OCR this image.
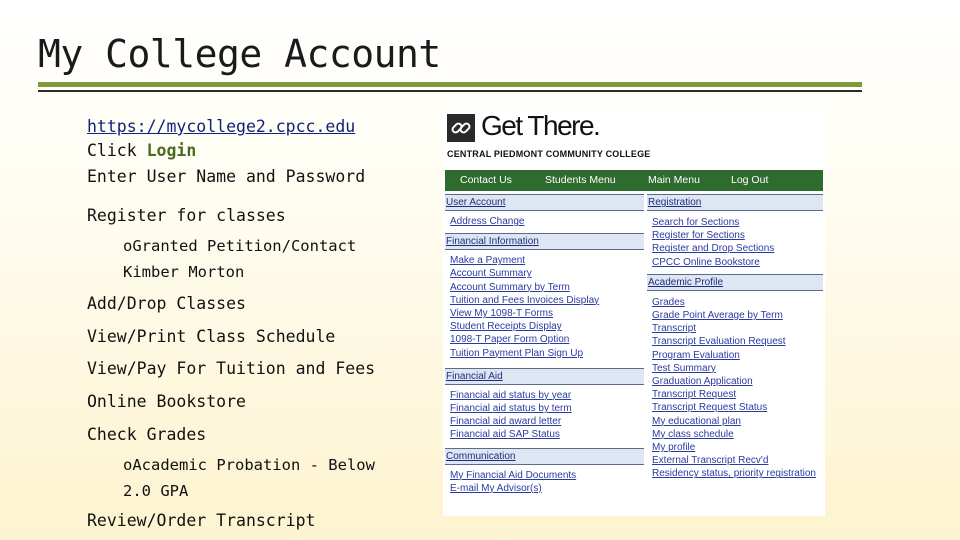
My College Account
https://mycollege2.cpcc.edu
Click Login
Enter User Name and Password
Register for classes
oGranted Petition/Contact
Kimber Morton
Add/Drop Classes
View/Print Class Schedule
View/Pay For Tuition and Fees
Online Bookstore
Check Grades
oAcademic Probation - Below
2.0 GPA
Review/Order Transcript
Get There.
CENTRAL PIEDMONT COMMUNITY COLLEGE
Contact Us	Students Menu	Main Menu	Log Out
User Account
Address Change
Financial Information
Make a Payment
Account Summary
Account Summary by Term
Tuition and Fees Invoices Display
View My 1098-T Forms
Student Receipts Display
1098-T Paper Form Option
Tuition Payment Plan Sign Up
Financial Aid
Financial aid status by year
Financial aid status by term
Financial aid award letter
Financial aid SAP Status
Communication
My Financial Aid Documents
E-mail My Advisor(s)
Registration
Search for Sections
Register for Sections
Register and Drop Sections
CPCC Online Bookstore
Academic Profile
Grades
Grade Point Average by Term
Transcript
Transcript Evaluation Request
Program Evaluation
Test Summary
Graduation Application
Transcript Request
Transcript Request Status
My educational plan
My class schedule
My profile
External Transcript Recv'd
Residency status, priority registration
